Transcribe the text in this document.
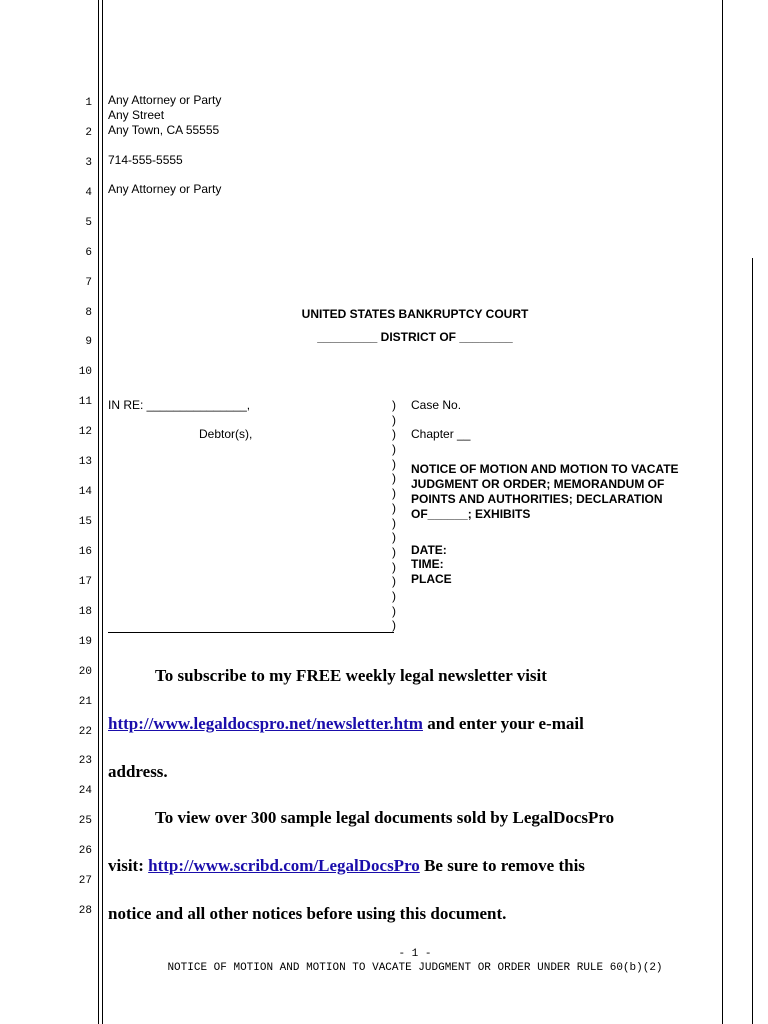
1
2
3
4
5
6
7
8
9
10
11
12
13
14
15
16
17
18
19
20
21
22
23
24
25
26
27
28
Any Attorney or Party
Any Street
Any Town, CA 55555
714-555-5555
Any Attorney or Party
UNITED STATES BANKRUPTCY COURT
_________ DISTRICT OF ________
IN RE: _______________,
Debtor(s),
)
)
)
)
)
)
)
)
)
)
)
)
)
)
)
)
Case No.
Chapter __
NOTICE OF MOTION AND MOTION TO VACATE
JUDGMENT OR ORDER; MEMORANDUM OF
POINTS AND AUTHORITIES; DECLARATION
OF______; EXHIBITS
DATE:
TIME:
PLACE
To subscribe to my FREE weekly legal newsletter visit
http://www.legaldocspro.net/newsletter.htm and enter your e-mail
address.
To view over 300 sample legal documents sold by LegalDocsPro
visit: http://www.scribd.com/LegalDocsPro Be sure to remove this
notice and all other notices before using this document.
- 1 -
NOTICE OF MOTION AND MOTION TO VACATE JUDGMENT OR ORDER UNDER RULE 60(b)(2)
